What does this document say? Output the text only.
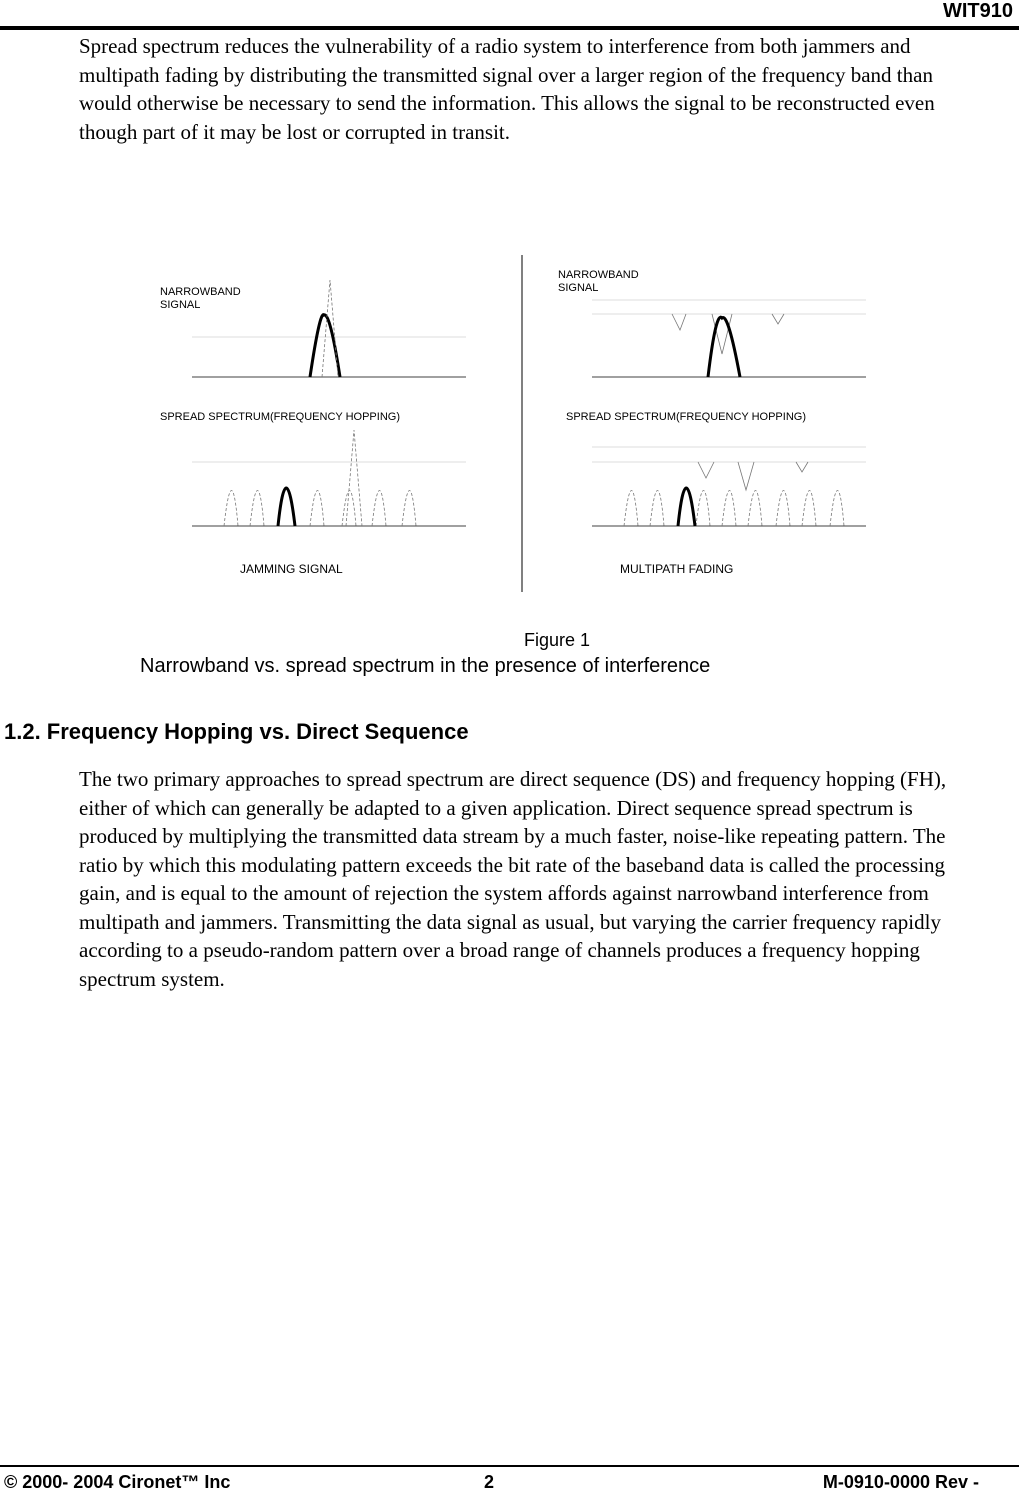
WIT910

Spread spectrum reduces the vulnerability of a radio system to interference from both jammers and multipath fading by distributing the transmitted signal over a larger region of the frequency band than would otherwise be necessary to send the information. This allows the signal to be reconstructed even though part of it may be lost or corrupted in transit.

NARROWBAND
SIGNAL
SPREAD SPECTRUM(FREQUENCY HOPPING)
JAMMING SIGNAL
NARROWBAND
SIGNAL
SPREAD SPECTRUM(FREQUENCY HOPPING)
MULTIPATH FADING
Figure 1
Narrowband vs. spread spectrum in the presence of interference
1.2. Frequency Hopping vs. Direct Sequence

The two primary approaches to spread spectrum are direct sequence (DS) and frequency hopping (FH), either of which can generally be adapted to a given application. Direct sequence spread spectrum is produced by multiplying the transmitted data stream by a much faster, noise-like repeating pattern. The ratio by which this modulating pattern exceeds the bit rate of the baseband data is called the processing gain, and is equal to the amount of rejection the system affords against narrowband interference from multipath and jammers. Transmitting the data signal as usual, but varying the carrier frequency rapidly according to a pseudo-random pattern over a broad range of channels produces a frequency hopping spectrum system.

© 2000- 2004 Cironet™ Inc	2	M-0910-0000 Rev -
